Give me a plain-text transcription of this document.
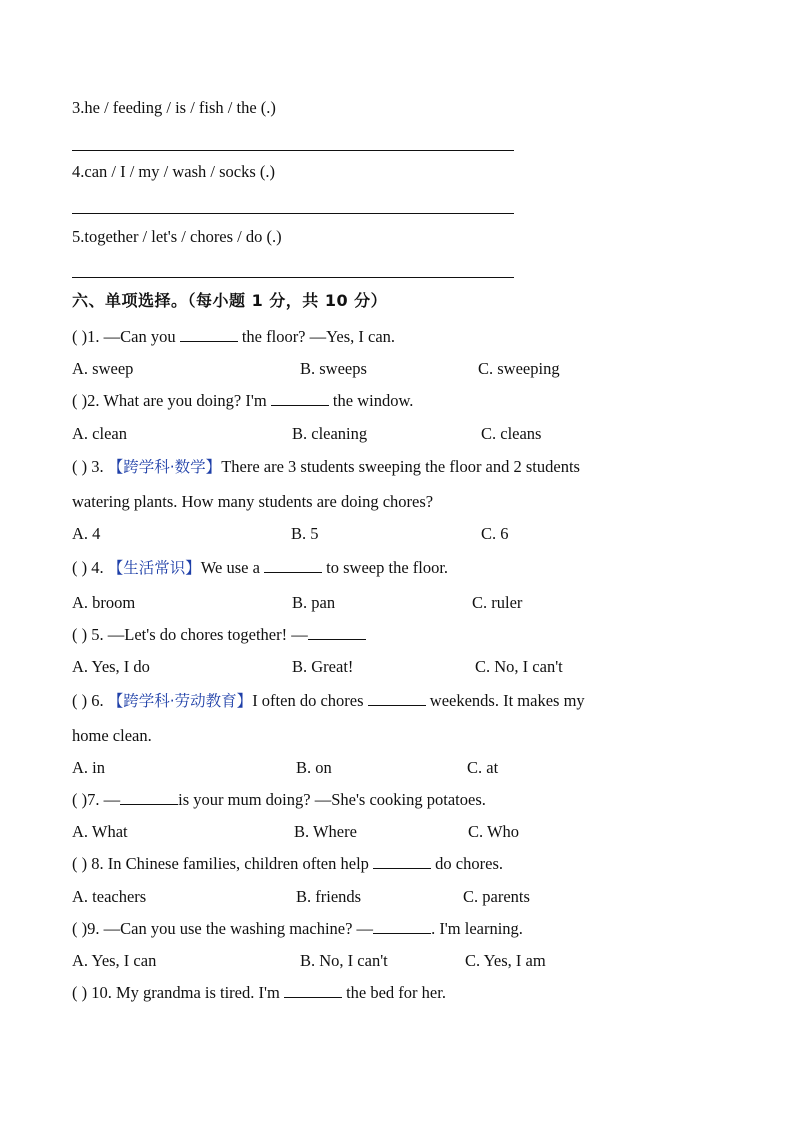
3.he / feeding / is / fish / the (.)
4.can / I / my / wash / socks (.)
5.together / let's / chores / do (.)
六、单项选择。（每小题 1 分，共 10 分）
( )1. —Can you	the floor? —Yes, I can.
A. sweep	B. sweeps	C. sweeping
( )2. What are you doing? I'm	the window.
A. clean	B. cleaning	C. cleans
( ) 3. 【跨学科·数学】There are 3 students sweeping the floor and 2 students
watering plants. How many students are doing chores?
A. 4	B. 5	C. 6
( ) 4. 【生活常识】We use a	to sweep the floor.
A. broom	B. pan	C. ruler
( ) 5. —Let's do chores together! —
A. Yes, I do	B. Great!	C. No, I can't
( ) 6. 【跨学科·劳动教育】I often do chores	weekends. It makes my
home clean.
A. in	B. on	C. at
( )7. —	is your mum doing? —She's cooking potatoes.
A. What	B. Where	C. Who
( ) 8. In Chinese families, children often help	do chores.
A. teachers	B. friends	C. parents
( )9. —Can you use the washing machine? —	. I'm learning.
A. Yes, I can	B. No, I can't	C. Yes, I am
( ) 10. My grandma is tired. I'm	the bed for her.
